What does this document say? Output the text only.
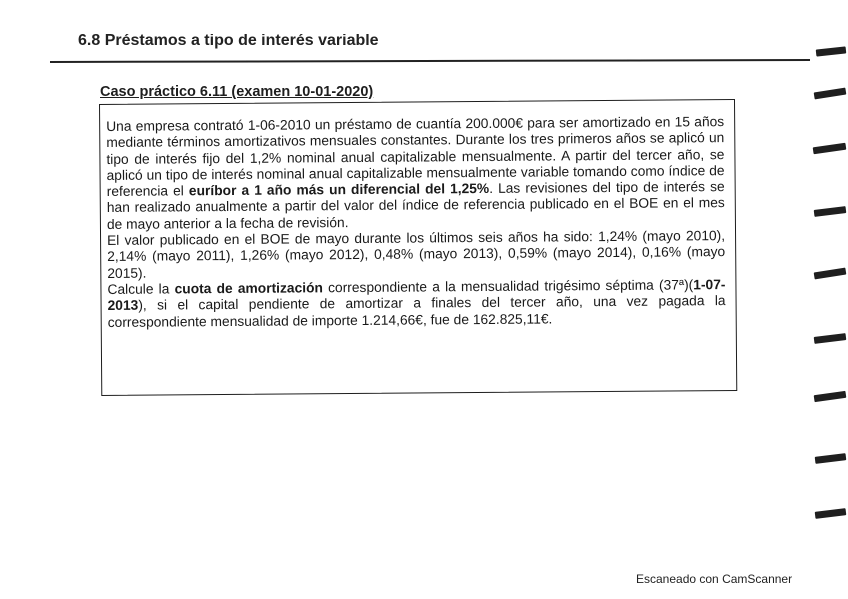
6.8 Préstamos a tipo de interés variable
Caso práctico 6.11 (examen 10-01-2020)

Una empresa contrató 1-06-2010 un préstamo de cuantía 200.000€ para ser amortizado en 15 años mediante términos amortizativos mensuales constantes. Durante los tres primeros años se aplicó un tipo de interés fijo del 1,2% nominal anual capitalizable mensualmente. A partir del tercer año, se aplicó un tipo de interés nominal anual capitalizable mensualmente variable tomando como índice de referencia el euríbor a 1 año más un diferencial del 1,25%. Las revisiones del tipo de interés se han realizado anualmente a partir del valor del índice de referencia publicado en el BOE en el mes de mayo anterior a la fecha de revisión.

El valor publicado en el BOE de mayo durante los últimos seis años ha sido: 1,24% (mayo 2010), 2,14% (mayo 2011), 1,26% (mayo 2012), 0,48% (mayo 2013), 0,59% (mayo 2014), 0,16% (mayo 2015).

Calcule la cuota de amortización correspondiente a la mensualidad trigésimo séptima (37ª)(1-07-2013), si el capital pendiente de amortizar a finales del tercer año, una vez pagada la correspondiente mensualidad de importe 1.214,66€, fue de 162.825,11€.

Escaneado con CamScanner
